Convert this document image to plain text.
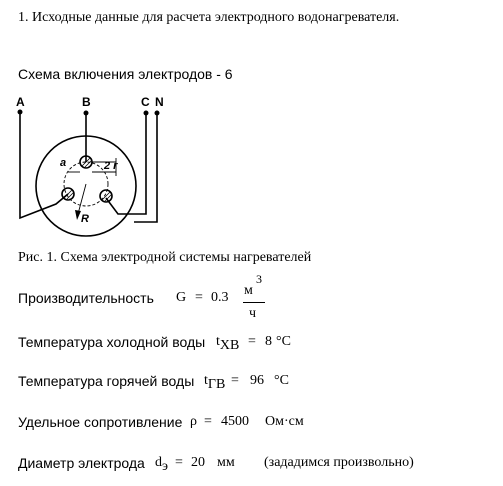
1. Исходные данные для расчета электродного водонагревателя.
Схема включения электродов - 6
A	B	C N
a	2 r
R
Рис. 1. Схема электродной системы нагревателей
Производительность G = 0.3 м
3
ч
Температура холодной воды tХВ = 8 °C
Температура горячей воды tГВ = 96 °C
Удельное сопротивление ρ = 4500 Ом·см
Диаметр электрода dэ = 20 мм (зададимся произвольно)
